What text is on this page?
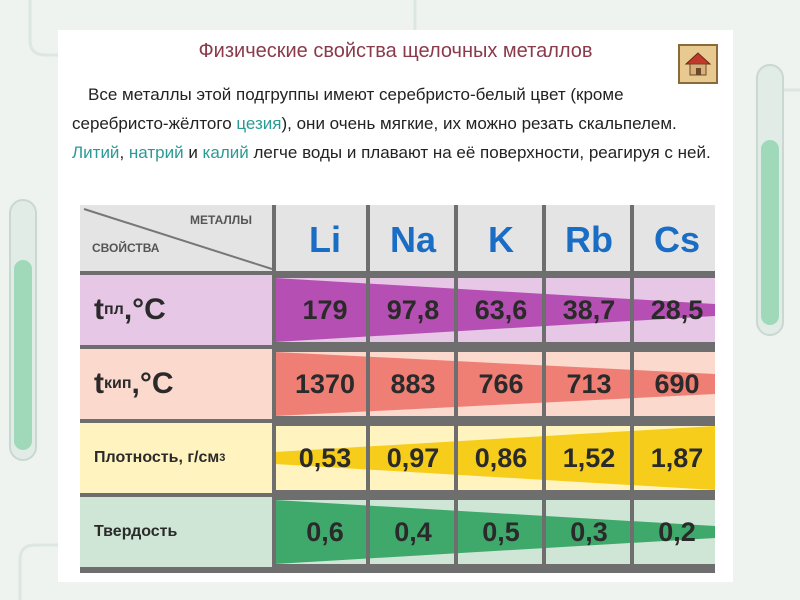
Физические свойства щелочных металлов
Все металлы этой подгруппы имеют серебристо-белый цвет (кроме серебристо-жёлтого цезия), они очень мягкие, их можно резать скальпелем. Литий, натрий и калий легче воды и плавают на её поверхности, реагируя с ней.
МЕТАЛЛЫ
СВОЙСТВА	Li	Na	K	Rb	Cs
t пл ,°С	179	97,8	63,6	38,7	28,5
t кип ,°С	1370	883	766	713	690
Плотность, г/см 3	0,53	0,97	0,86	1,52	1,87
Твердость	0,6	0,4	0,5	0,3	0,2
